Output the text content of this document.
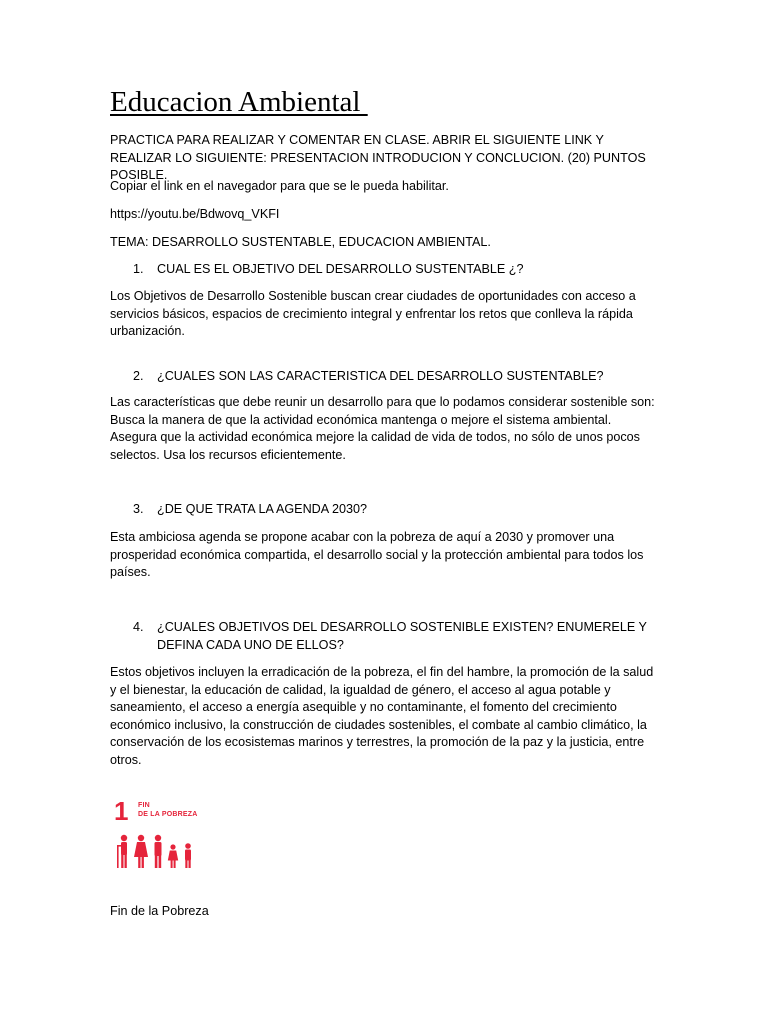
Educacion Ambiental
PRACTICA PARA REALIZAR Y COMENTAR EN CLASE. ABRIR EL SIGUIENTE LINK Y REALIZAR LO SIGUIENTE: PRESENTACION INTRODUCION Y CONCLUCION. (20) PUNTOS POSIBLE.
Copiar el link en el navegador para que se le pueda habilitar.
https://youtu.be/Bdwovq_VKFI
TEMA: DESARROLLO SUSTENTABLE, EDUCACION AMBIENTAL.
1. CUAL ES EL OBJETIVO DEL DESARROLLO SUSTENTABLE ¿?
Los Objetivos de Desarrollo Sostenible buscan crear ciudades de oportunidades con acceso a servicios básicos, espacios de crecimiento integral y enfrentar los retos que conlleva la rápida urbanización.
2. ¿CUALES SON LAS CARACTERISTICA DEL DESARROLLO SUSTENTABLE?
Las características que debe reunir un desarrollo para que lo podamos considerar sostenible son: Busca la manera de que la actividad económica mantenga o mejore el sistema ambiental. Asegura que la actividad económica mejore la calidad de vida de todos, no sólo de unos pocos selectos. Usa los recursos eficientemente.
3. ¿DE QUE TRATA LA AGENDA 2030?
Esta ambiciosa agenda se propone acabar con la pobreza de aquí a 2030 y promover una prosperidad económica compartida, el desarrollo social y la protección ambiental para todos los países.
4. ¿CUALES OBJETIVOS DEL DESARROLLO SOSTENIBLE EXISTEN? ENUMERELE Y DEFINA CADA UNO DE ELLOS?
Estos objetivos incluyen la erradicación de la pobreza, el fin del hambre, la promoción de la salud y el bienestar, la educación de calidad, la igualdad de género, el acceso al agua potable y saneamiento, el acceso a energía asequible y no contaminante, el fomento del crecimiento económico inclusivo, la construcción de ciudades sostenibles, el combate al cambio climático, la conservación de los ecosistemas marinos y terrestres, la promoción de la paz y la justicia, entre otros.
1 FIN
DE LA POBREZA
Fin de la Pobreza
